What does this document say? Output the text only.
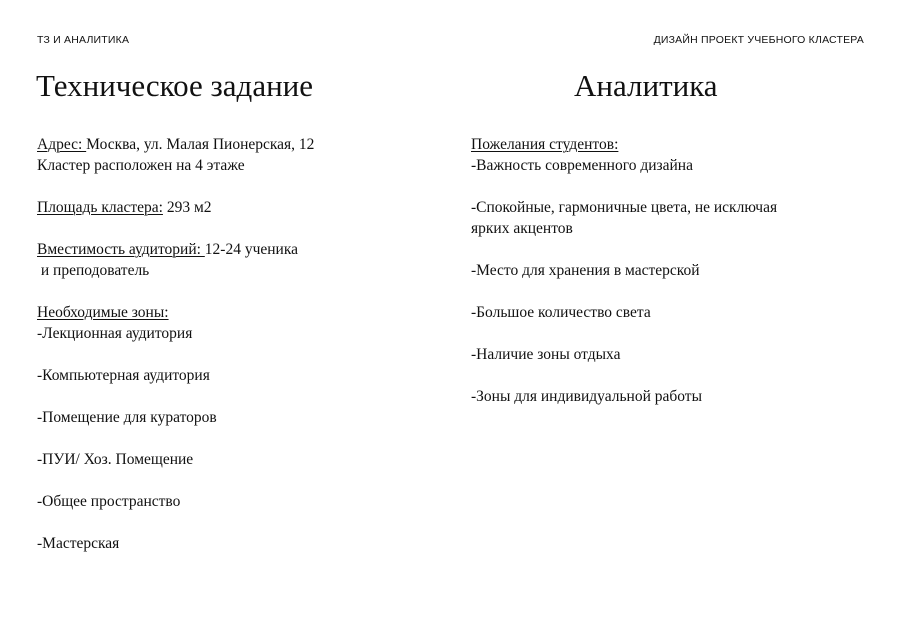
ТЗ И АНАЛИТИКА	ДИЗАЙН ПРОЕКТ УЧЕБНОГО КЛАСТЕРА
Техническое задание	Аналитика
Адрес: Москва, ул. Малая Пионерская, 12
Кластер расположен на 4 этаже
Площадь кластера: 293 м2
Вместимость аудиторий: 12-24 ученика
и преподователь
Необходимые зоны:
-Лекционная аудитория
-Компьютерная аудитория
-Помещение для кураторов
-ПУИ/ Хоз. Помещение
-Общее пространство
-Мастерская
Пожелания студентов:
-Важность современного дизайна
-Спокойные, гармоничные цвета, не исключая
ярких акцентов
-Место для хранения в мастерской
-Большое количество света
-Наличие зоны отдыха
-Зоны для индивидуальной работы
